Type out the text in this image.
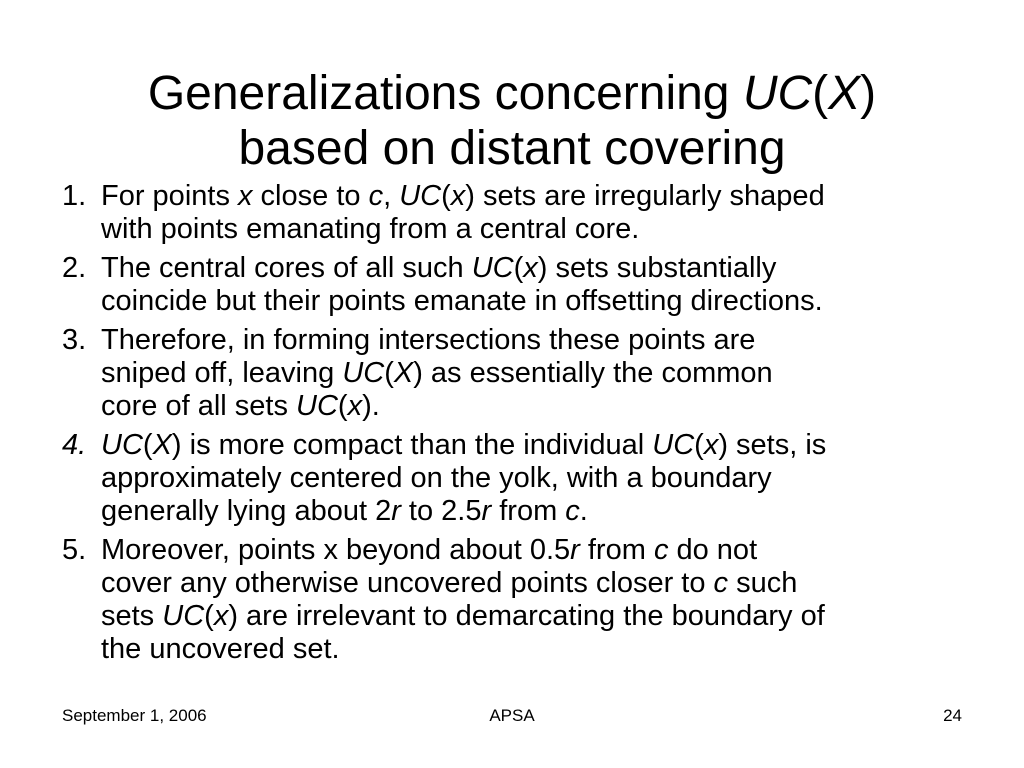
Generalizations concerning UC(X)
based on distant covering
1. For points x close to c, UC(x) sets are irregularly shaped
with points emanating from a central core.
2. The central cores of all such UC(x) sets substantially
coincide but their points emanate in offsetting directions.
3. Therefore, in forming intersections these points are
sniped off, leaving UC(X) as essentially the common
core of all sets UC(x).
4. UC(X) is more compact than the individual UC(x) sets, is
approximately centered on the yolk, with a boundary
generally lying about 2r to 2.5r from c.
5. Moreover, points x beyond about 0.5r from c do not
cover any otherwise uncovered points closer to c such
sets UC(x) are irrelevant to demarcating the boundary of
the uncovered set.
September 1, 2006	APSA	24
